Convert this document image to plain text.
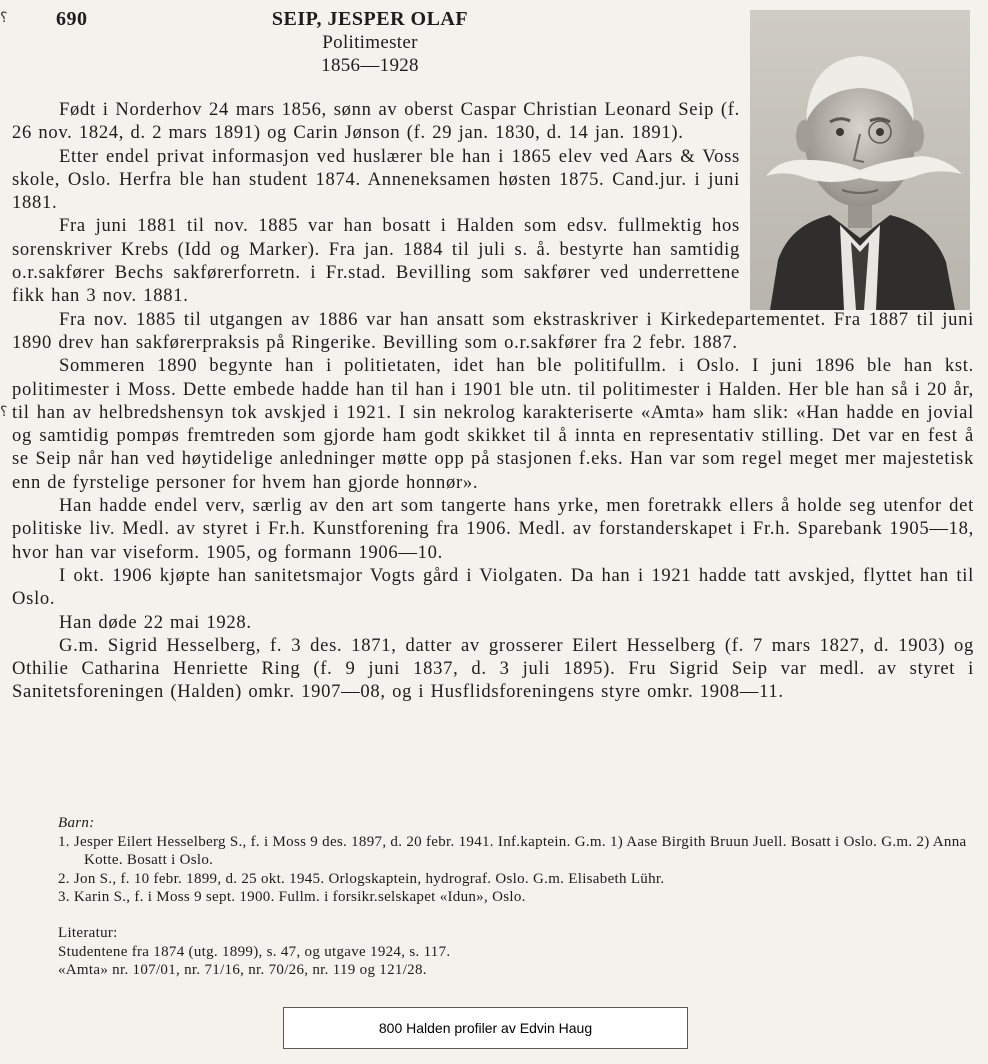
⸮
⸮
690	SEIP, JESPER OLAF
Politimester
1856—1928

Født i Norderhov 24 mars 1856, sønn av oberst Caspar Christian Leonard Seip (f. 26 nov. 1824, d. 2 mars 1891) og Carin Jønson (f. 29 jan. 1830, d. 14 jan. 1891).

Etter endel privat informasjon ved huslærer ble han i 1865 elev ved Aars & Voss skole, Oslo. Herfra ble han student 1874. Anneneksamen høsten 1875. Cand.jur. i juni 1881.

Fra juni 1881 til nov. 1885 var han bosatt i Halden som edsv. fullmektig hos sorenskriver Krebs (Idd og Marker). Fra jan. 1884 til juli s. å. bestyrte han samtidig o.r.sakfører Bechs sakførerforretn. i Fr.stad. Bevilling som sakfører ved underrettene fikk han 3 nov. 1881.

Fra nov. 1885 til utgangen av 1886 var han ansatt som ekstraskriver i Kirkedepartementet. Fra 1887 til juni 1890 drev han sakførerpraksis på Ringerike. Bevilling som o.r.sakfører fra 2 febr. 1887.

Sommeren 1890 begynte han i politietaten, idet han ble politifullm. i Oslo. I juni 1896 ble han kst. politimester i Moss. Dette embede hadde han til han i 1901 ble utn. til politimester i Halden. Her ble han så i 20 år, til han av helbredshensyn tok avskjed i 1921. I sin nekrolog karakteriserte «Amta» ham slik: «Han hadde en jovial og samtidig pompøs fremtreden som gjorde ham godt skikket til å innta en representativ stilling. Det var en fest å se Seip når han ved høytidelige anledninger møtte opp på stasjonen f.eks. Han var som regel meget mer majestetisk enn de fyrstelige personer for hvem han gjorde honnør».

Han hadde endel verv, særlig av den art som tangerte hans yrke, men foretrakk ellers å holde seg utenfor det politiske liv. Medl. av styret i Fr.h. Kunstforening fra 1906. Medl. av forstanderskapet i Fr.h. Sparebank 1905—18, hvor han var viseform. 1905, og formann 1906—10.

I okt. 1906 kjøpte han sanitetsmajor Vogts gård i Violgaten. Da han i 1921 hadde tatt avskjed, flyttet han til Oslo.

Han døde 22 mai 1928.

G.m. Sigrid Hesselberg, f. 3 des. 1871, datter av grosserer Eilert Hesselberg (f. 7 mars 1827, d. 1903) og Othilie Catharina Henriette Ring (f. 9 juni 1837, d. 3 juli 1895). Fru Sigrid Seip var medl. av styret i Sanitetsforeningen (Halden) omkr. 1907—08, og i Husflidsforeningens styre omkr. 1908—11.

Barn:
1. Jesper Eilert Hesselberg S., f. i Moss 9 des. 1897, d. 20 febr. 1941. Inf.kaptein. G.m. 1) Aase Birgith Bruun Juell. Bosatt i Oslo. G.m. 2) Anna Kotte. Bosatt i Oslo.
2. Jon S., f. 10 febr. 1899, d. 25 okt. 1945. Orlogskaptein, hydrograf. Oslo. G.m. Elisabeth Lühr.
3. Karin S., f. i Moss 9 sept. 1900. Fullm. i forsikr.selskapet «Idun», Oslo.
Literatur:
Studentene fra 1874 (utg. 1899), s. 47, og utgave 1924, s. 117.
«Amta» nr. 107/01, nr. 71/16, nr. 70/26, nr. 119 og 121/28.
800 Halden profiler av Edvin Haug
